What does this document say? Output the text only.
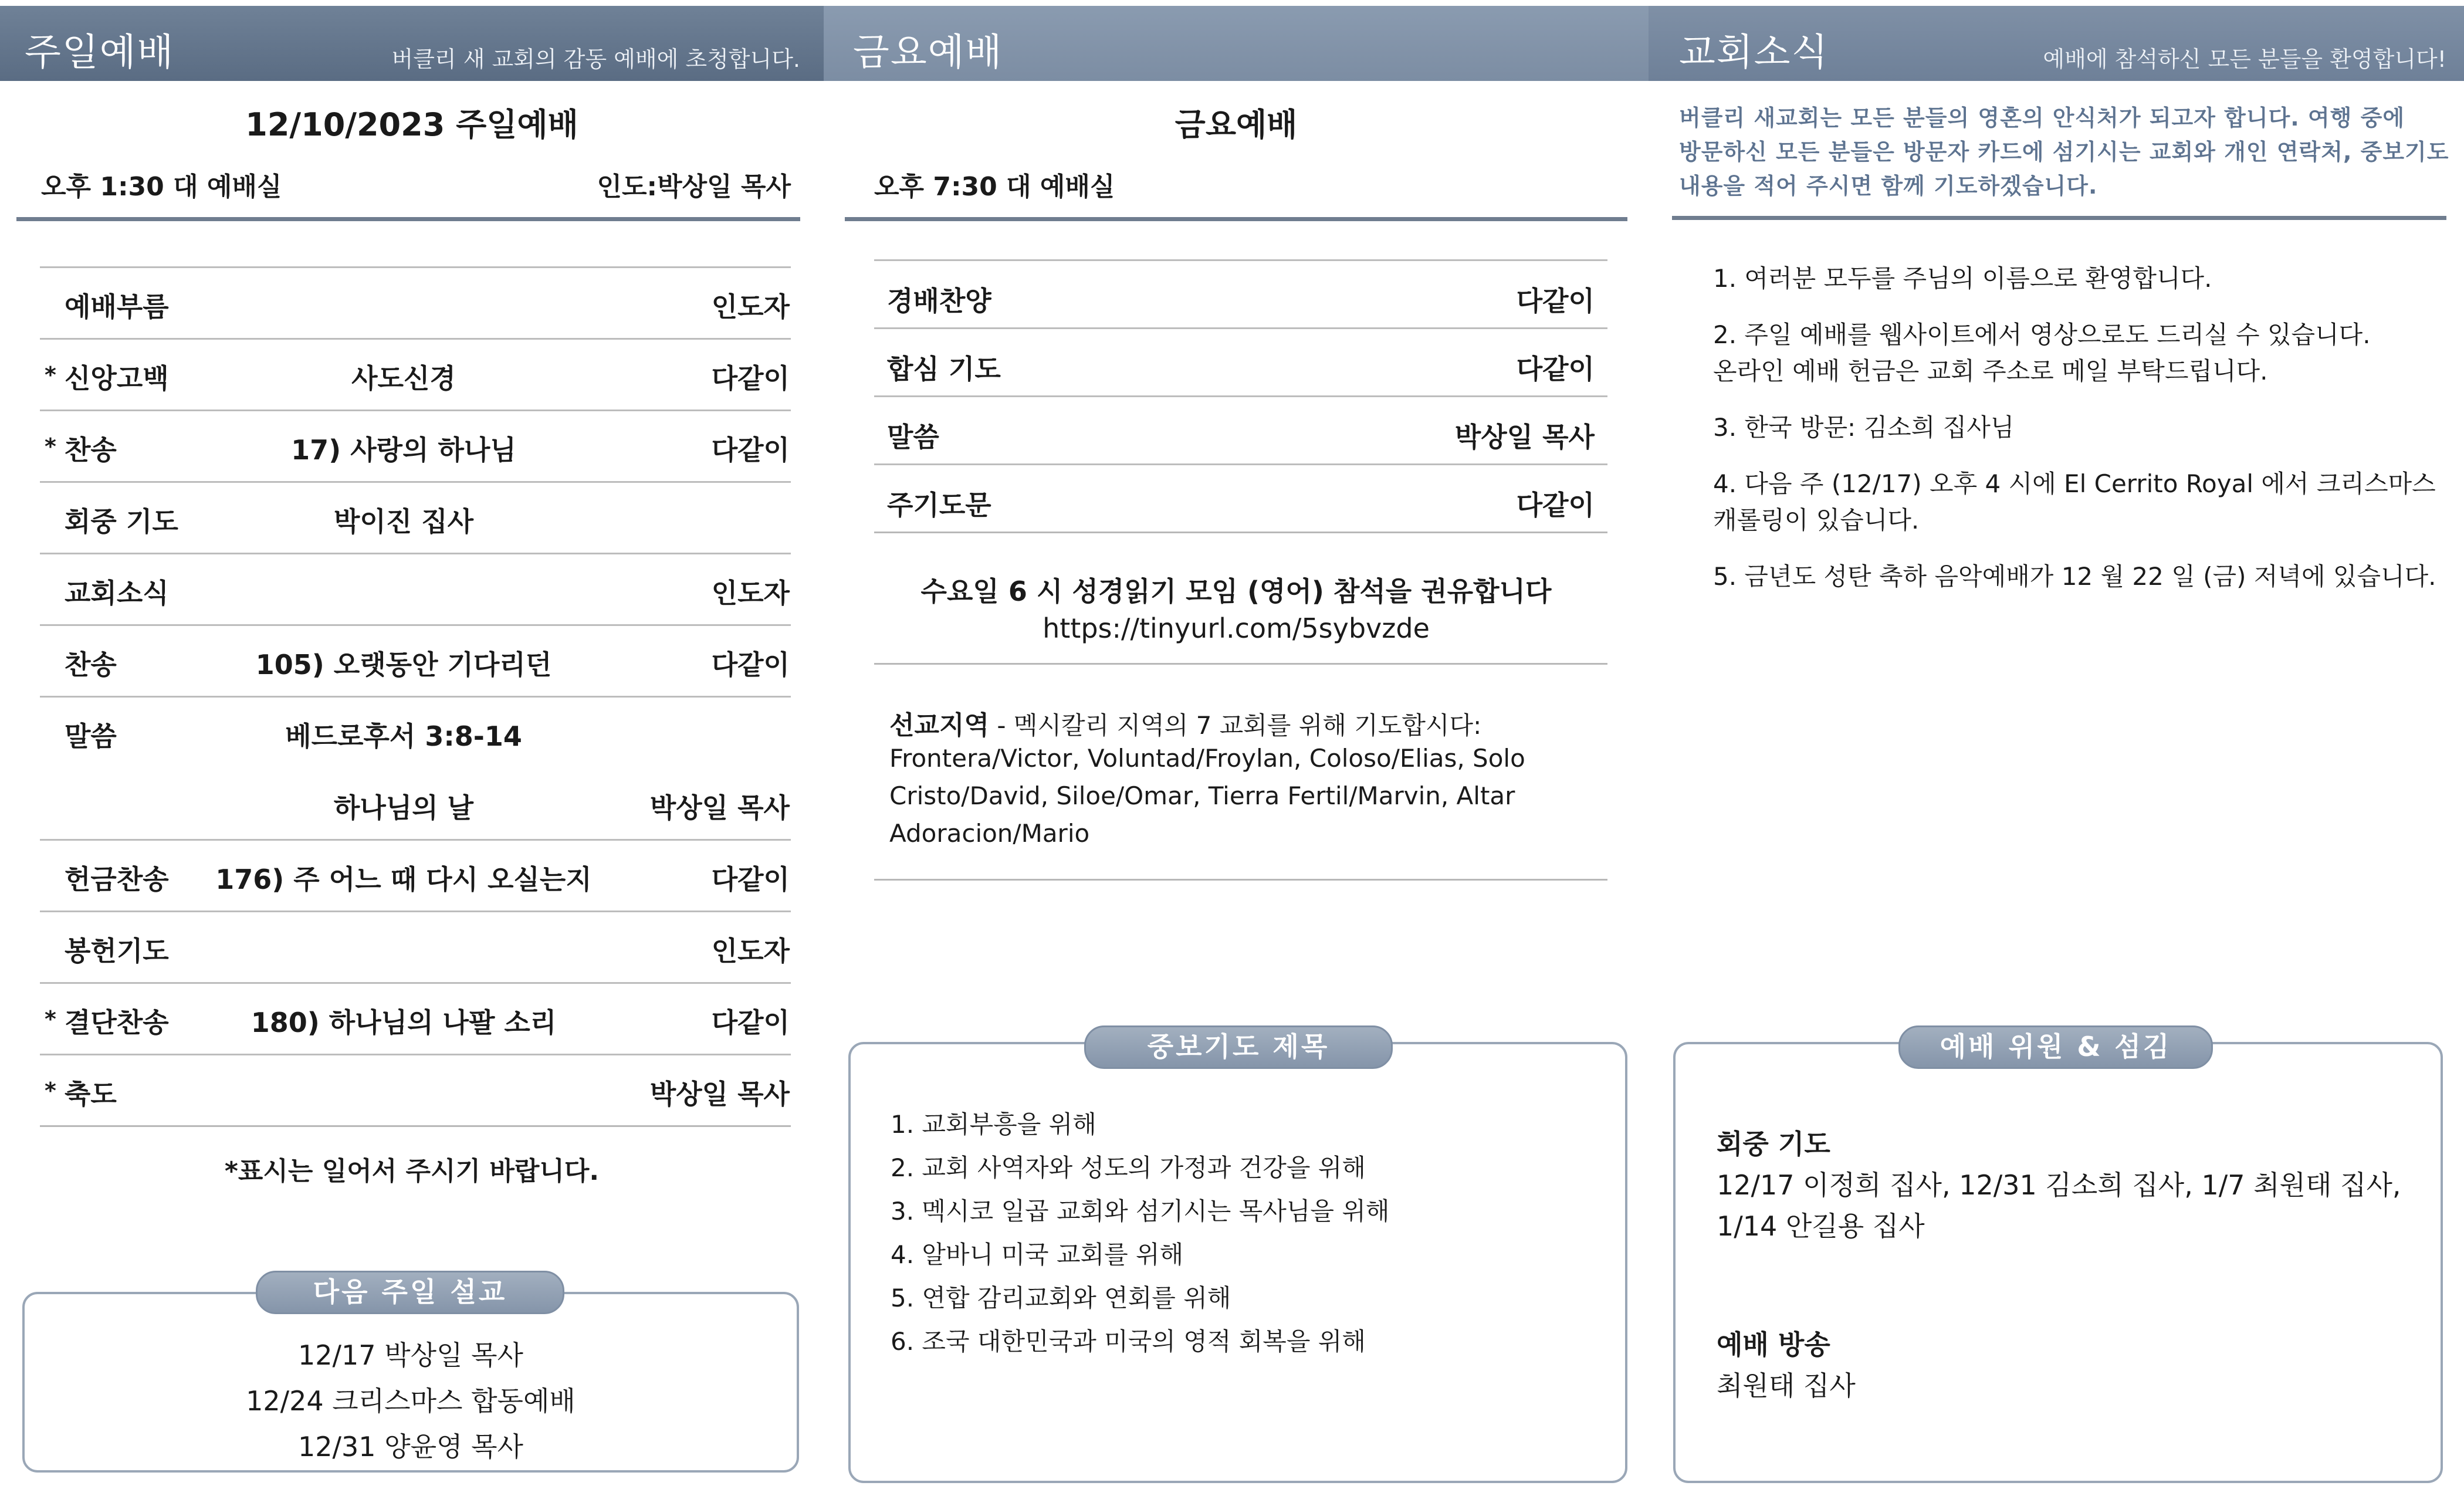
주일예배	버클리 새 교회의 감동 예배에 초청합니다.
12/10/2023 주일예배
오후 1:30 대 예배실	인도:박상일 목사
예배부름	인도자
* 신앙고백	사도신경	다같이
* 찬송	17) 사랑의 하나님	다같이
회중 기도	박이진 집사
교회소식	인도자
찬송	105) 오랫동안 기다리던	다같이
말씀	베드로후서 3:8-14
하나님의 날	박상일 목사
헌금찬송	176) 주 어느 때 다시 오실는지	다같이
봉헌기도	인도자
* 결단찬송	180) 하나님의 나팔 소리	다같이
* 축도	박상일 목사
*표시는 일어서 주시기 바랍니다.
12/17 박상일 목사
12/24 크리스마스 합동예배
12/31 양윤영 목사
다음 주일 설교
금요예배
금요예배
오후 7:30 대 예배실
경배찬양	다같이
합심 기도	다같이
말씀	박상일 목사
주기도문	다같이
수요일 6 시 성경읽기 모임 (영어) 참석을 권유합니다
https://tinyurl.com/5sybvzde
선교지역 - 멕시칼리 지역의 7 교회를 위해 기도합시다:
Frontera/Victor, Voluntad/Froylan, Coloso/Elias, Solo
Cristo/David, Siloe/Omar, Tierra Fertil/Marvin, Altar
Adoracion/Mario
1. 교회부흥을 위해
2. 교회 사역자와 성도의 가정과 건강을 위해
3. 멕시코 일곱 교회와 섬기시는 목사님을 위해
4. 알바니 미국 교회를 위해
5. 연합 감리교회와 연회를 위해
6. 조국 대한민국과 미국의 영적 회복을 위해
중보기도 제목
교회소식	예배에 참석하신 모든 분들을 환영합니다!
버클리 새교회는 모든 분들의 영혼의 안식처가 되고자 합니다. 여행 중에
방문하신 모든 분들은 방문자 카드에 섬기시는 교회와 개인 연락처, 중보기도
내용을 적어 주시면 함께 기도하겠습니다.
1. 여러분 모두를 주님의 이름으로 환영합니다.
2. 주일 예배를 웹사이트에서 영상으로도 드리실 수 있습니다.
온라인 예배 헌금은 교회 주소로 메일 부탁드립니다.
3. 한국 방문: 김소희 집사님
4. 다음 주 (12/17) 오후 4 시에 El Cerrito Royal 에서 크리스마스
캐롤링이 있습니다.
5. 금년도 성탄 축하 음악예배가 12 월 22 일 (금) 저녁에 있습니다.
회중 기도
12/17 이정희 집사, 12/31 김소희 집사, 1/7 최원태 집사,
1/14 안길용 집사
예배 방송
최원태 집사
예배 위원 & 섬김
